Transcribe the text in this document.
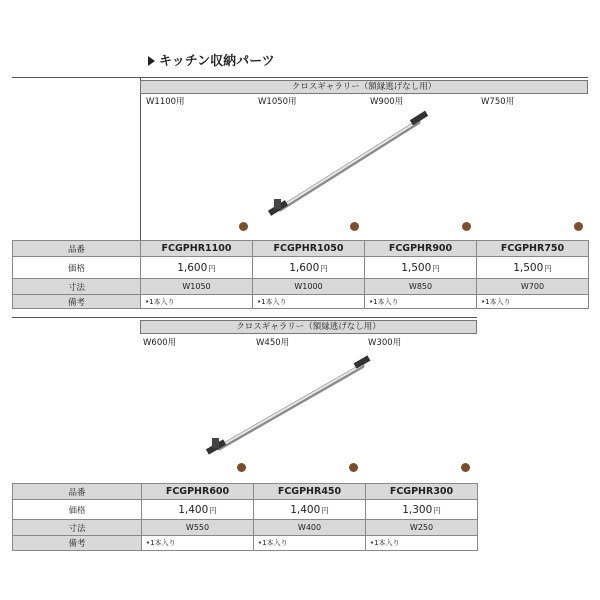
キッチン収納パーツ
クロスギャラリー（額縁逃げなし用）
W1100用	W1050用	W900用	W750用
品番	FCGPHR1100	FCGPHR1050	FCGPHR900	FCGPHR750
価格	1,600円	1,600円	1,500円	1,500円
寸法	W1050	W1000	W850	W700
備考	•1本入り	•1本入り	•1本入り	•1本入り
クロスギャラリー（額縁逃げなし用）
W600用	W450用	W300用
品番	FCGPHR600	FCGPHR450	FCGPHR300
価格	1,400円	1,400円	1,300円
寸法	W550	W400	W250
備考	•1本入り	•1本入り	•1本入り
